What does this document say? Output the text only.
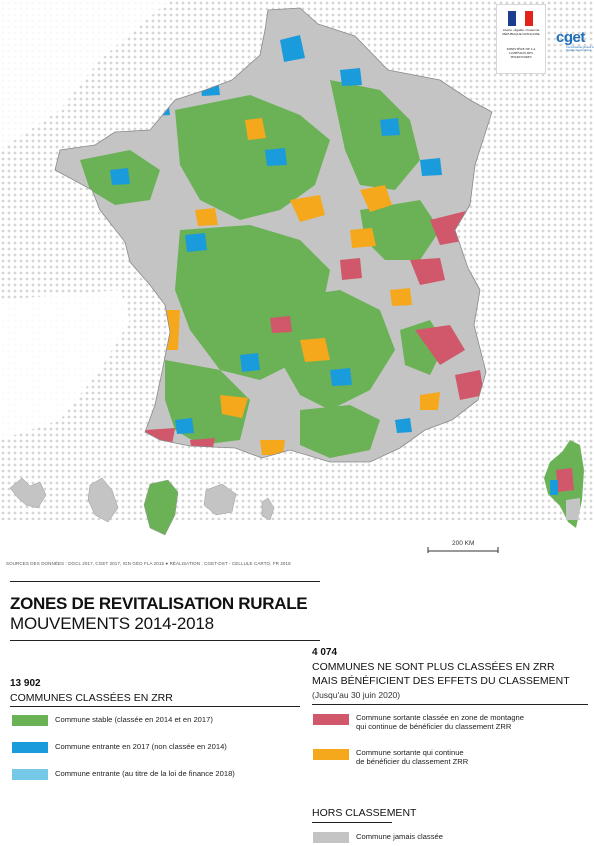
200 KM
SOURCES DES DONNÉES : DGCL 2017, CGET 2017, IGN GÉO FLA 2015 ● RÉALISATION : CGET-DST - CELLULE CARTO, FR 2018
Liberté • Égalité • Fraternité
RÉPUBLIQUE FRANÇAISE
MINISTÈRE DE LA COHÉSION DES TERRITOIRES
cget
Commissariat général à l'égalité des territoires
ZONES DE REVITALISATION RURALE
MOUVEMENTS 2014-2018
13 902
COMMUNES CLASSÉES EN ZRR
Commune stable (classée en 2014 et en 2017)
Commune entrante en 2017 (non classée en 2014)
Commune entrante (au titre de la loi de finance 2018)
4 074
COMMUNES NE SONT PLUS CLASSÉES EN ZRR
MAIS BÉNÉFICIENT DES EFFETS DU CLASSEMENT
(Jusqu'au 30 juin 2020)
Commune sortante classée en zone de montagne
qui continue de bénéficier du classement ZRR
Commune sortante qui continue
de bénéficier du classement ZRR
HORS CLASSEMENT
Commune jamais classée
